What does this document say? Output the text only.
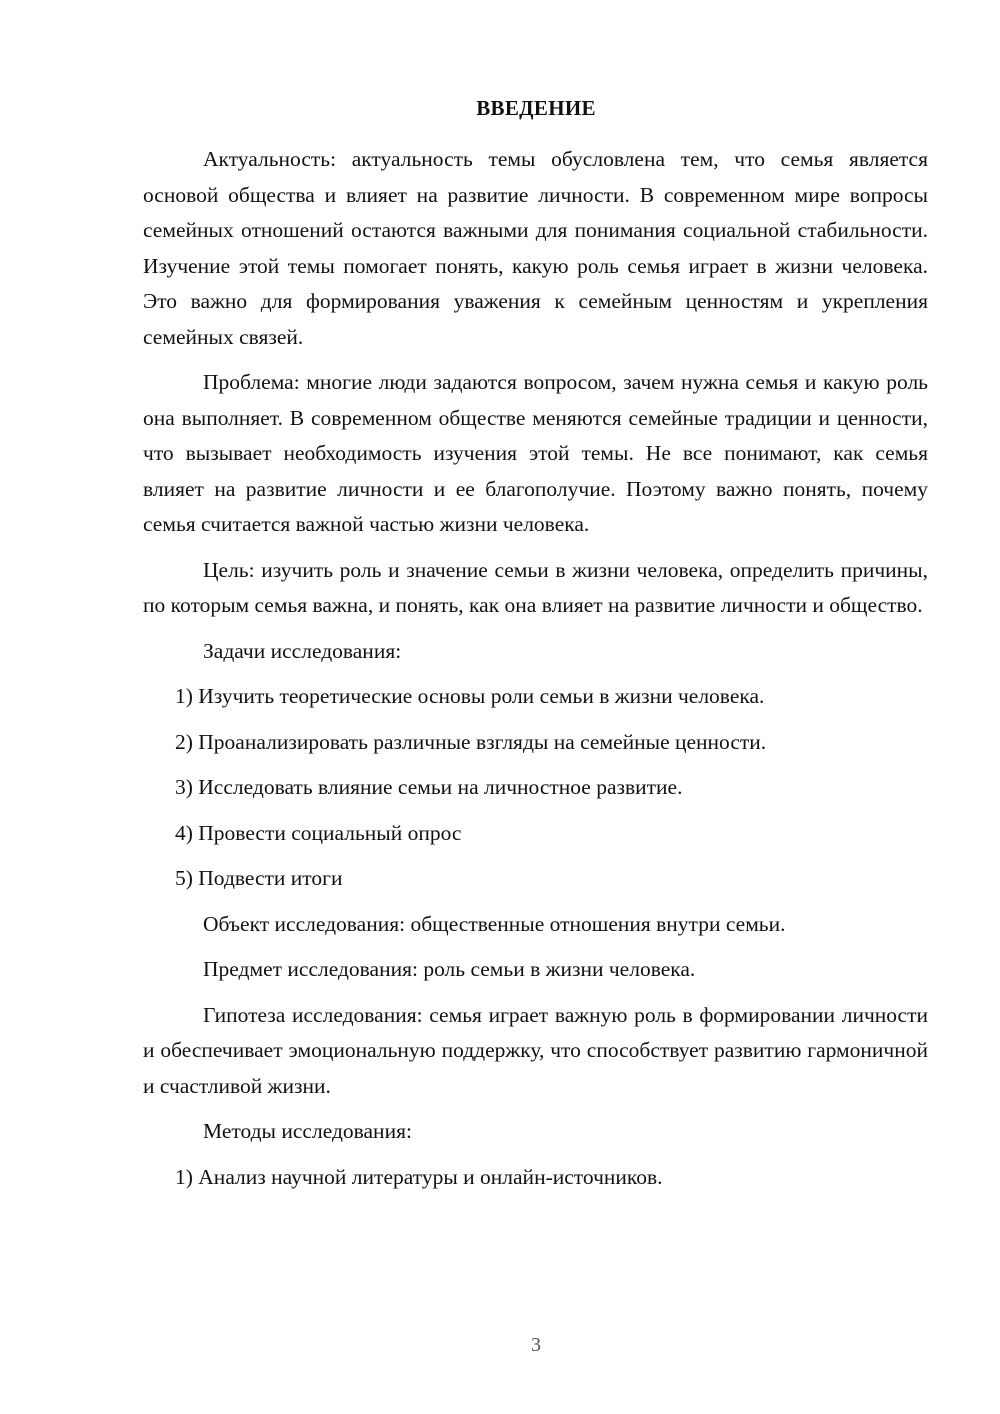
ВВЕДЕНИЕ

Актуальность: актуальность темы обусловлена тем, что семья является основой общества и влияет на развитие личности. В современном мире вопросы семейных отношений остаются важными для понимания социальной стабильности. Изучение этой темы помогает понять, какую роль семья играет в жизни человека. Это важно для формирования уважения к семейным ценностям и укрепления семейных связей.

Проблема: многие люди задаются вопросом, зачем нужна семья и какую роль она выполняет. В современном обществе меняются семейные традиции и ценности, что вызывает необходимость изучения этой темы. Не все понимают, как семья влияет на развитие личности и ее благополучие. Поэтому важно понять, почему семья считается важной частью жизни человека.

Цель: изучить роль и значение семьи в жизни человека, определить причины, по которым семья важна, и понять, как она влияет на развитие личности и общество.

Задачи исследования:

1) Изучить теоретические основы роли семьи в жизни человека.

2) Проанализировать различные взгляды на семейные ценности.

3) Исследовать влияние семьи на личностное развитие.

4) Провести социальный опрос

5) Подвести итоги

Объект исследования: общественные отношения внутри семьи.

Предмет исследования: роль семьи в жизни человека.

Гипотеза исследования: семья играет важную роль в формировании личности и обеспечивает эмоциональную поддержку, что способствует развитию гармоничной и счастливой жизни.

Методы исследования:

1) Анализ научной литературы и онлайн-источников.

3
